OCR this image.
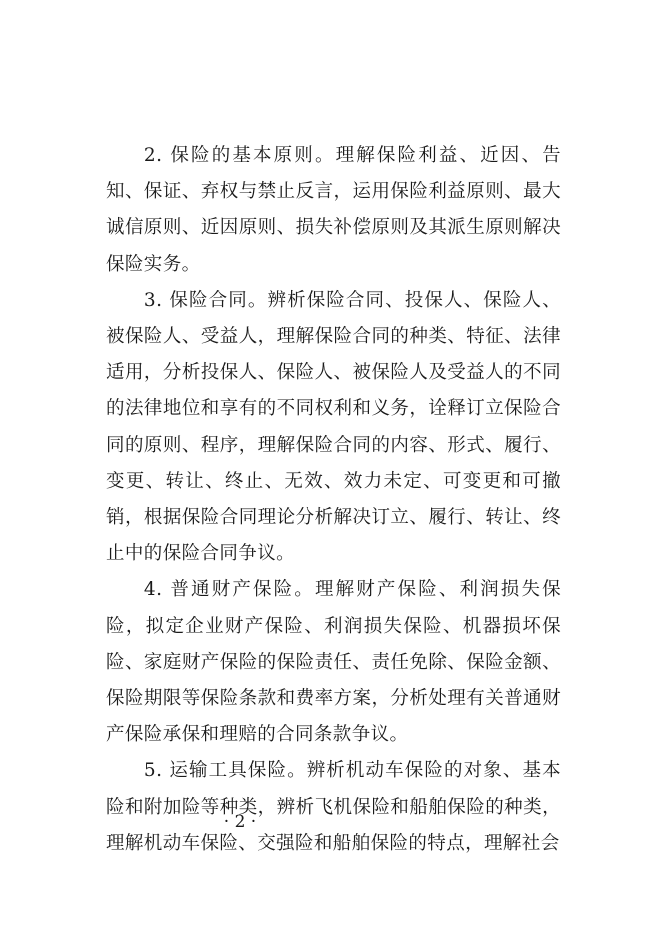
2. 保险的基本原则。理解保险利益、近因、告知、保证、弃权与禁止反言，运用保险利益原则、最大诚信原则、近因原则、损失补偿原则及其派生原则解决保险实务。

3. 保险合同。辨析保险合同、投保人、保险人、被保险人、受益人，理解保险合同的种类、特征、法律适用，分析投保人、保险人、被保险人及受益人的不同的法律地位和享有的不同权利和义务，诠释订立保险合同的原则、程序，理解保险合同的内容、形式、履行、变更、转让、终止、无效、效力未定、可变更和可撤销，根据保险合同理论分析解决订立、履行、转让、终止中的保险合同争议。

4. 普通财产保险。理解财产保险、利润损失保险，拟定企业财产保险、利润损失保险、机器损坏保险、家庭财产保险的保险责任、责任免除、保险金额、保险期限等保险条款和费率方案，分析处理有关普通财产保险承保和理赔的合同条款争议。

5. 运输工具保险。辨析机动车保险的对象、基本险和附加险等种类，辨析飞机保险和船舶保险的种类，理解机动车保险、交强险和船舶保险的特点，理解社会

· 2 ·
